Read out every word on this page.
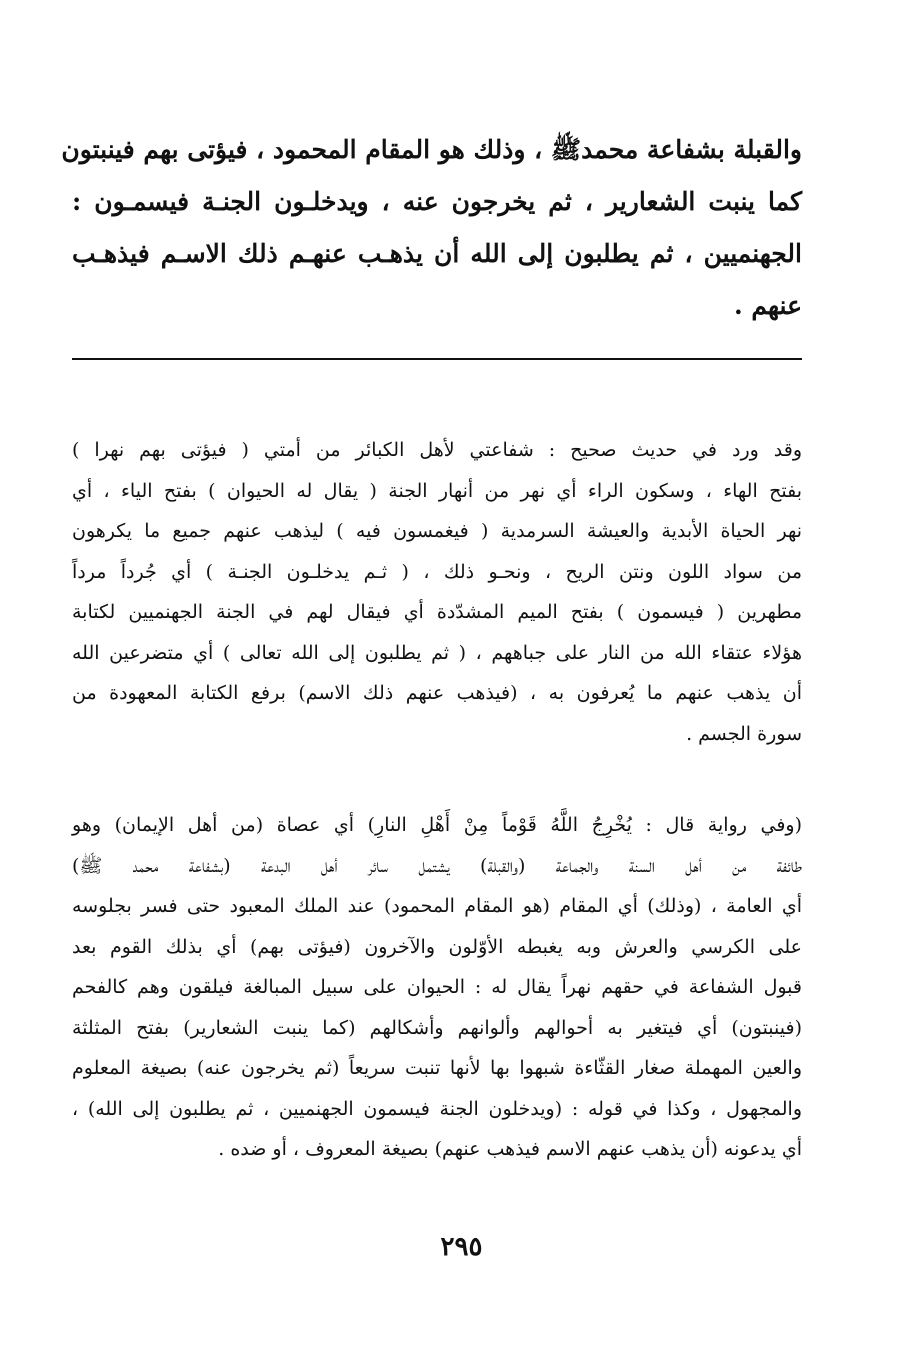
والقبلة بشفاعة محمدﷺ ، وذلك هو المقام المحمود ، فيؤتى بهم فينبتون
كما ينبت الشعارير ، ثم يخرجون عنه ، ويدخلـون الجنـة فيسمـون :
الجهنميين ، ثم يطلبون إلى الله أن يذهـب عنهـم ذلك الاسـم فيذهـب
عنهم .
وقد ورد في حديث صحيح : شفاعتي لأهل الكبائر من أمتي ( فيؤتى بهم نهرا )
بفتح الهاء ، وسكون الراء أي نهر من أنهار الجنة ( يقال له الحيوان ) بفتح الياء ، أي
نهر الحياة الأبدية والعيشة السرمدية ( فيغمسون فيه ) ليذهب عنهم جميع ما يكرهون
من سواد اللون ونتن الريح ، ونحـو ذلك ، ( ثـم يدخلـون الجنـة ) أي جُرداً مرداً
مطهرين ( فيسمون ) بفتح الميم المشدّدة أي فيقال لهم في الجنة الجهنميين لكتابة
هؤلاء عتقاء الله من النار على جباههم ، ( ثم يطلبون إلى الله تعالى ) أي متضرعين الله
أن يذهب عنهم ما يُعرفون به ، (فيذهب عنهم ذلك الاسم) برفع الكتابة المعهودة من
سورة الجسم .
(وفي رواية قال : يُخْرِجُ اللَّهُ قَوْماً مِنْ أَهْلِ النارِ) أي عصاة (من أهل الإيمان) وهو
طائفة من أهل السنة والجماعة (والقبلة) يشتمل سائر أهل البدعة (بشفاعة محمد ﷺ)
أي العامة ، (وذلك) أي المقام (هو المقام المحمود) عند الملك المعبود حتى فسر بجلوسه
على الكرسي والعرش وبه يغبطه الأوّلون والآخرون (فيؤتى بهم) أي بذلك القوم بعد
قبول الشفاعة في حقهم نهراً يقال له : الحيوان على سبيل المبالغة فيلقون وهم كالفحم
(فينبتون) أي فيتغير به أحوالهم وألوانهم وأشكالهم (كما ينبت الشعارير) بفتح المثلثة
والعين المهملة صغار القثّاءة شبهوا بها لأنها تنبت سريعاً (ثم يخرجون عنه) بصيغة المعلوم
والمجهول ، وكذا في قوله : (ويدخلون الجنة فيسمون الجهنميين ، ثم يطلبون إلى الله) ،
أي يدعونه (أن يذهب عنهم الاسم فيذهب عنهم) بصيغة المعروف ، أو ضده .
٢٩٥
